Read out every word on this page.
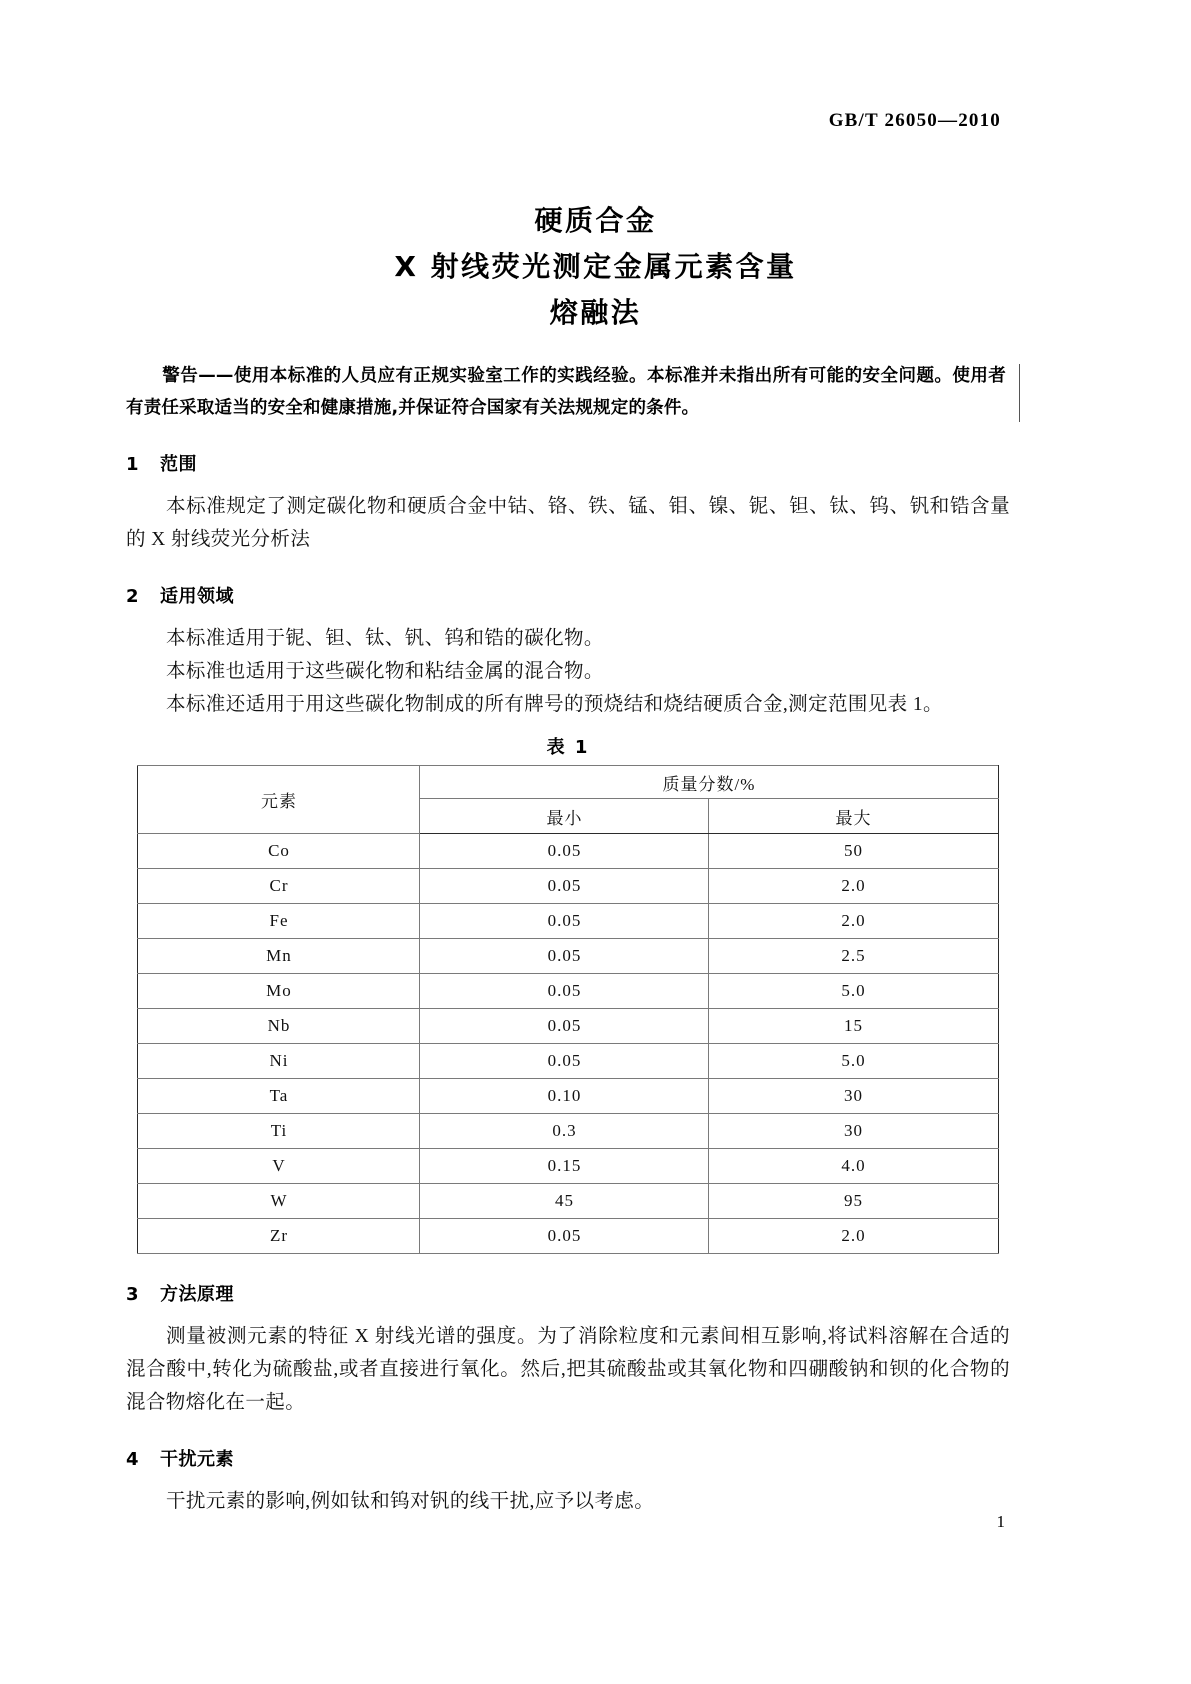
GB/T 26050—2010
硬质合金
X 射线荧光测定金属元素含量
熔融法
警告——使用本标准的人员应有正规实验室工作的实践经验。本标准并未指出所有可能的安全问题。使用者有责任采取适当的安全和健康措施,并保证符合国家有关法规规定的条件。
1 范围
本标准规定了测定碳化物和硬质合金中钴、铬、铁、锰、钼、镍、铌、钽、钛、钨、钒和锆含量的 X 射线荧光分析法
2 适用领域
本标准适用于铌、钽、钛、钒、钨和锆的碳化物。
本标准也适用于这些碳化物和粘结金属的混合物。
本标准还适用于用这些碳化物制成的所有牌号的预烧结和烧结硬质合金,测定范围见表 1。
表 1
元素	质量分数/%	
	最小	最大
Co	0.05	50
Cr	0.05	2.0
Fe	0.05	2.0
Mn	0.05	2.5
Mo	0.05	5.0
Nb	0.05	15
Ni	0.05	5.0
Ta	0.10	30
Ti	0.3	30
V	0.15	4.0
W	45	95
Zr	0.05	2.0
3 方法原理
测量被测元素的特征 X 射线光谱的强度。为了消除粒度和元素间相互影响,将试料溶解在合适的混合酸中,转化为硫酸盐,或者直接进行氧化。然后,把其硫酸盐或其氧化物和四硼酸钠和钡的化合物的混合物熔化在一起。
4 干扰元素
干扰元素的影响,例如钛和钨对钒的线干扰,应予以考虑。
1
